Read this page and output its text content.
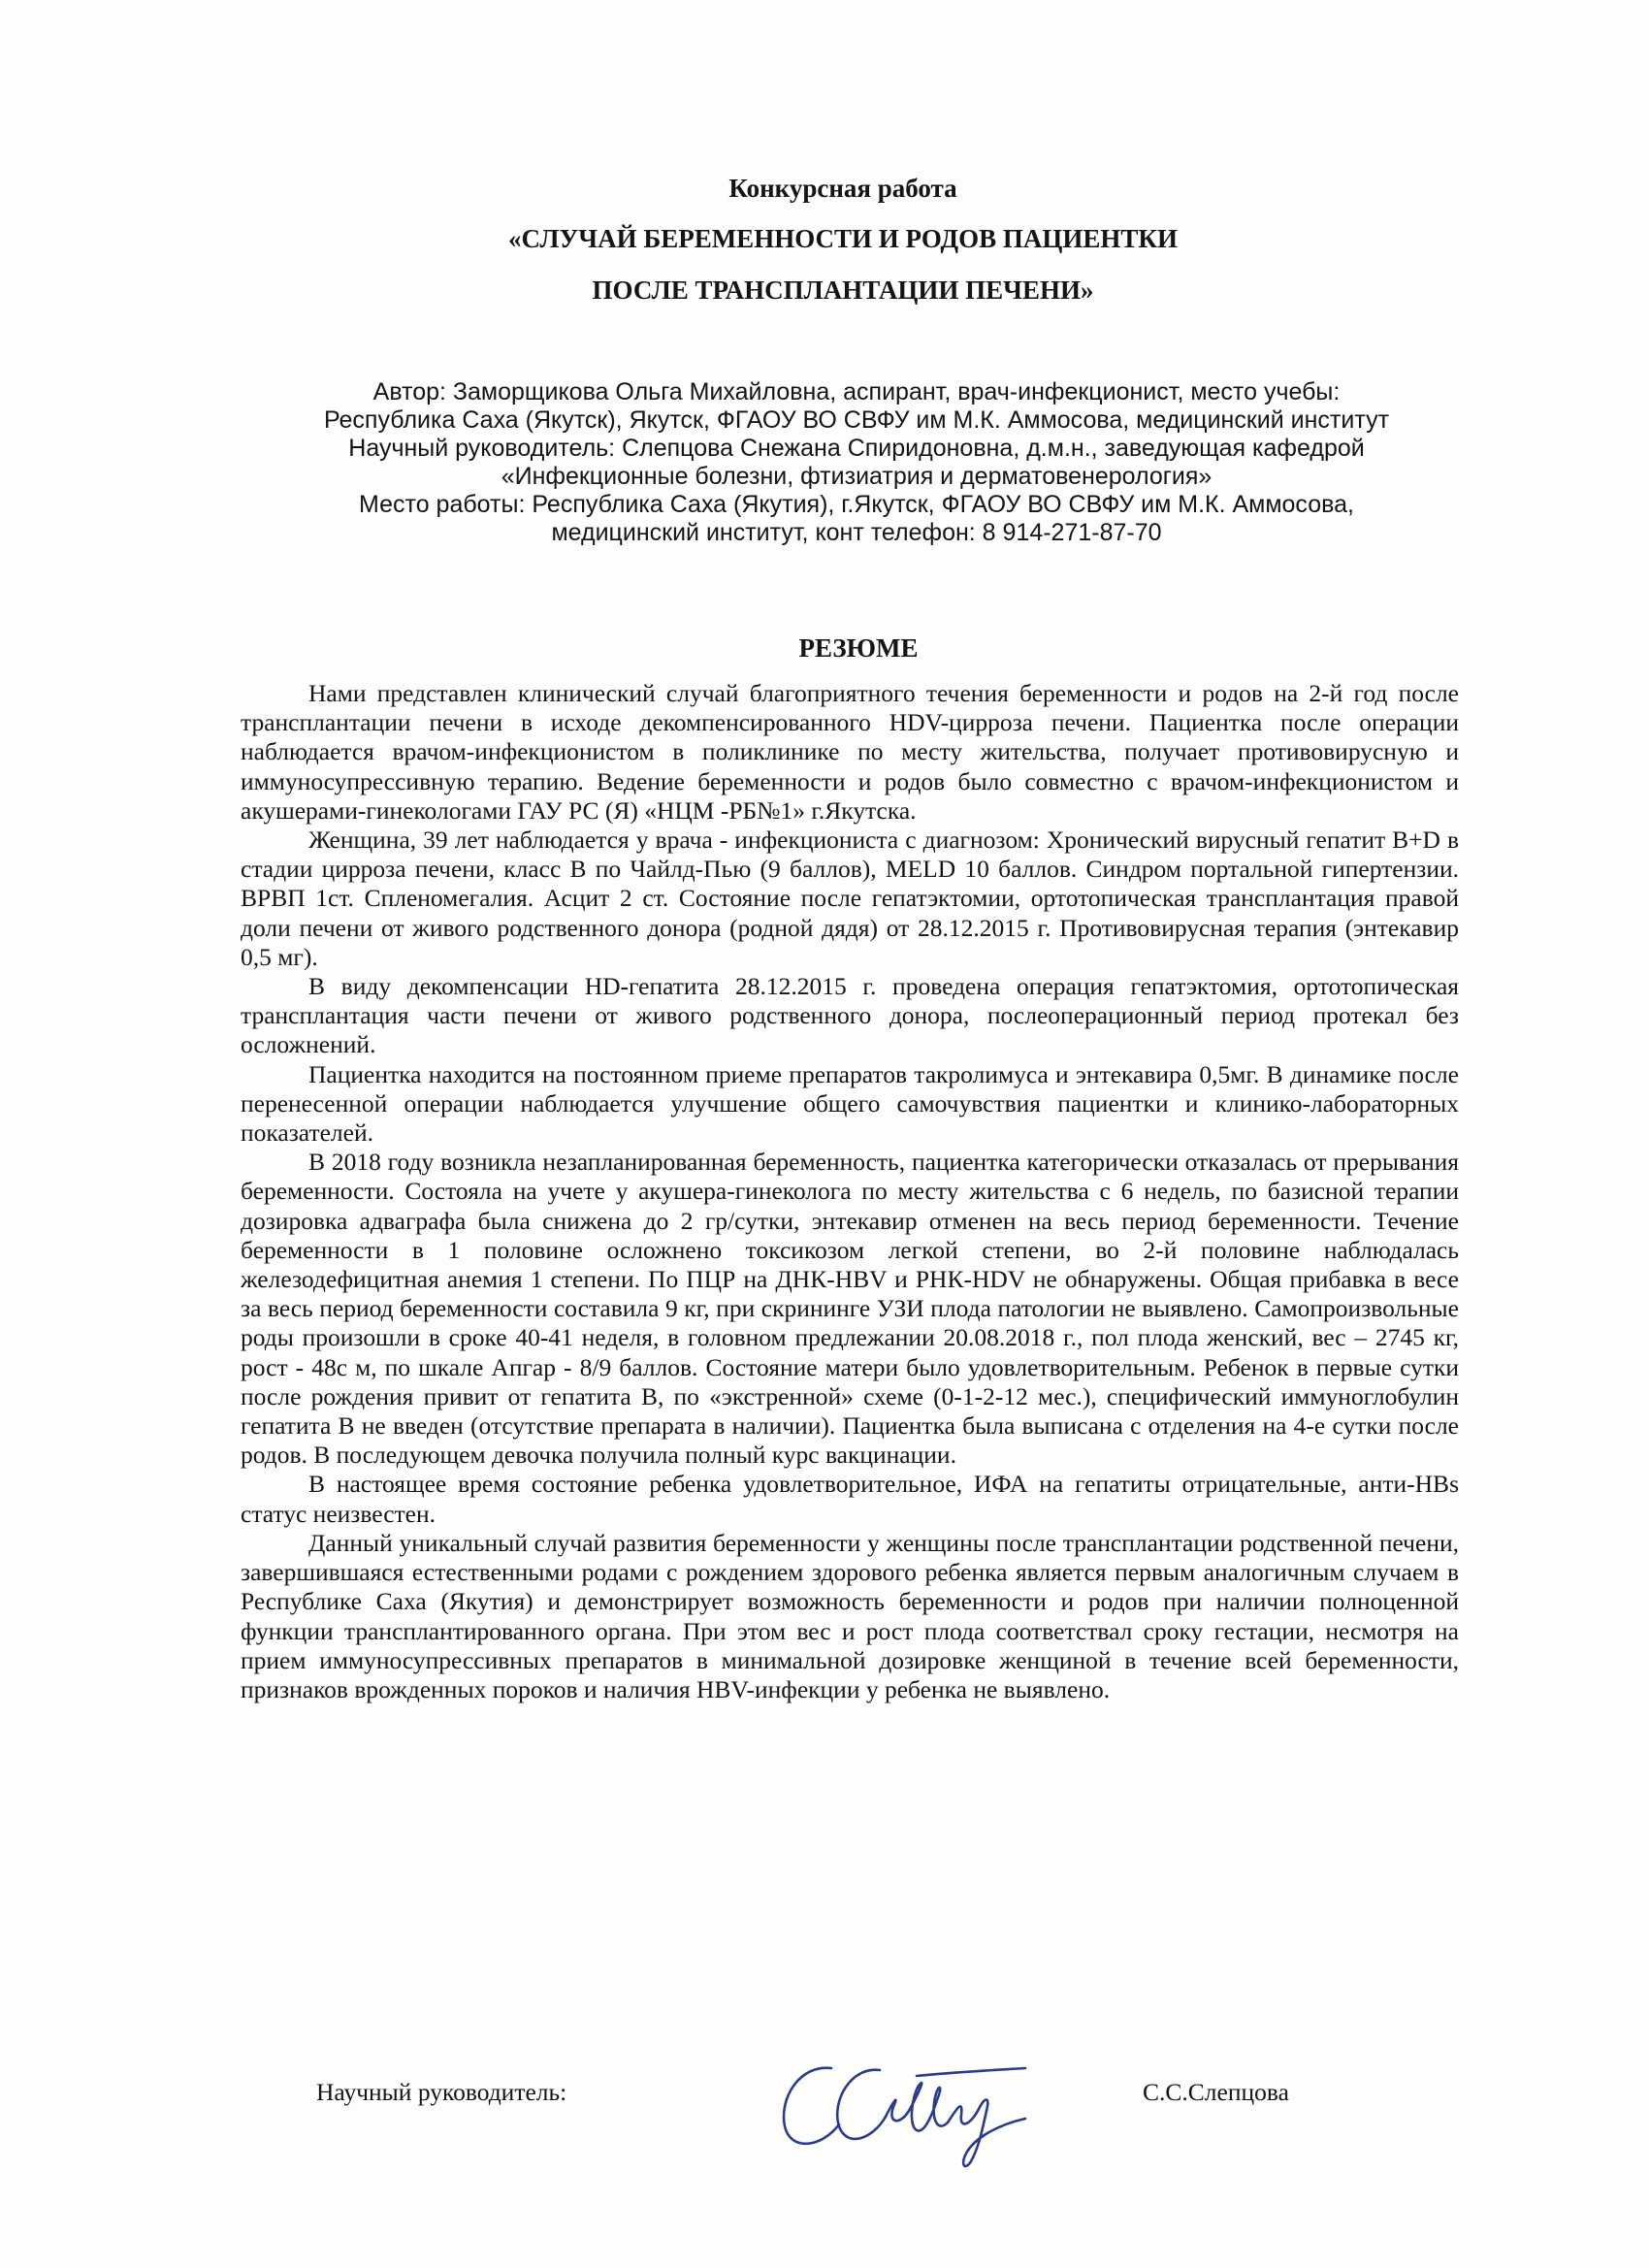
Конкурсная работа
«СЛУЧАЙ БЕРЕМЕННОСТИ И РОДОВ ПАЦИЕНТКИ
ПОСЛЕ ТРАНСПЛАНТАЦИИ ПЕЧЕНИ»
Автор: Заморщикова Ольга Михайловна, аспирант, врач-инфекционист, место учебы:
Республика Саха (Якутск), Якутск, ФГАОУ ВО СВФУ им М.К. Аммосова, медицинский институт
Научный руководитель: Слепцова Снежана Спиридоновна, д.м.н., заведующая кафедрой
«Инфекционные болезни, фтизиатрия и дерматовенерология»
Место работы: Республика Саха (Якутия), г.Якутск, ФГАОУ ВО СВФУ им М.К. Аммосова,
медицинский институт, конт телефон: 8 914-271-87-70
РЕЗЮМЕ

Нами представлен клинический случай благоприятного течения беременности и родов на 2-й год после трансплантации печени в исходе декомпенсированного HDV-цирроза печени. Пациентка после операции наблюдается врачом-инфекционистом в поликлинике по месту жительства, получает противовирусную и иммуносупрессивную терапию. Ведение беременности и родов было совместно с врачом-инфекционистом и акушерами-гинекологами ГАУ РС (Я) «НЦМ -РБ№1» г.Якутска.

Женщина, 39 лет наблюдается у врача - инфекциониста с диагнозом: Хронический вирусный гепатит B+D в стадии цирроза печени, класс В по Чайлд-Пью (9 баллов), MELD 10 баллов. Синдром портальной гипертензии. ВРВП 1ст. Спленомегалия. Асцит 2 ст. Состояние после гепатэктомии, ортотопическая трансплантация правой доли печени от живого родственного донора (родной дядя) от 28.12.2015 г. Противовирусная терапия (энтекавир 0,5 мг).

В виду декомпенсации HD-гепатита 28.12.2015 г. проведена операция гепатэктомия, ортотопическая трансплантация части печени от живого родственного донора, послеоперационный период протекал без осложнений.

Пациентка находится на постоянном приеме препаратов такролимуса и энтекавира 0,5мг. В динамике после перенесенной операции наблюдается улучшение общего самочувствия пациентки и клинико-лабораторных показателей.

В 2018 году возникла незапланированная беременность, пациентка категорически отказалась от прерывания беременности. Состояла на учете у акушера-гинеколога по месту жительства с 6 недель, по базисной терапии дозировка адваграфа была снижена до 2 гр/сутки, энтекавир отменен на весь период беременности. Течение беременности в 1 половине осложнено токсикозом легкой степени, во 2-й половине наблюдалась железодефицитная анемия 1 степени. По ПЦР на ДНК-HBV и РНК-HDV не обнаружены. Общая прибавка в весе за весь период беременности составила 9 кг, при скрининге УЗИ плода патологии не выявлено. Самопроизвольные роды произошли в сроке 40-41 неделя, в головном предлежании 20.08.2018 г., пол плода женский, вес – 2745 кг, рост - 48с м, по шкале Апгар - 8/9 баллов. Состояние матери было удовлетворительным. Ребенок в первые сутки после рождения привит от гепатита В, по «экстренной» схеме (0-1-2-12 мес.), специфический иммуноглобулин гепатита В не введен (отсутствие препарата в наличии). Пациентка была выписана с отделения на 4-е сутки после родов. В последующем девочка получила полный курс вакцинации.

В настоящее время состояние ребенка удовлетворительное, ИФА на гепатиты отрицательные, анти-HBs статус неизвестен.

Данный уникальный случай развития беременности у женщины после трансплантации родственной печени, завершившаяся естественными родами с рождением здорового ребенка является первым аналогичным случаем в Республике Саха (Якутия) и демонстрирует возможность беременности и родов при наличии полноценной функции трансплантированного органа. При этом вес и рост плода соответствал сроку гестации, несмотря на прием иммуносупрессивных препаратов в минимальной дозировке женщиной в течение всей беременности, признаков врожденных пороков и наличия HBV-инфекции у ребенка не выявлено.

Научный руководитель:	С.С.Слепцова
